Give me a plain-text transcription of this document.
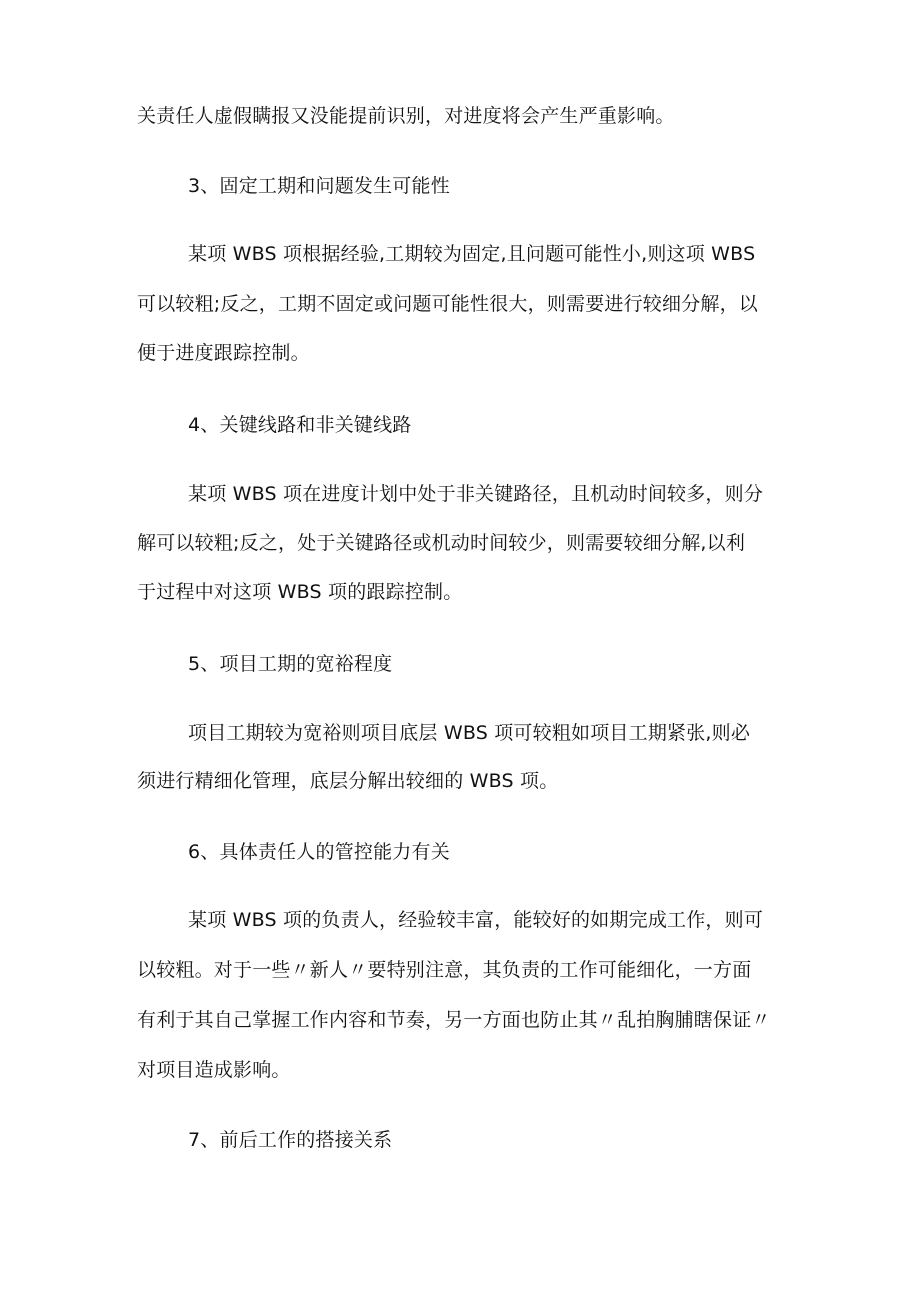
关责任人虚假瞒报又没能提前识别，对进度将会产生严重影响。
3、固定工期和问题发生可能性
某项 WBS 项根据经验,工期较为固定,且问题可能性小,则这项 WBS
可以较粗;反之，工期不固定或问题可能性很大，则需要进行较细分解，以
便于进度跟踪控制。
4、关键线路和非关键线路
某项 WBS 项在进度计划中处于非关键路径，且机动时间较多，则分
解可以较粗;反之，处于关键路径或机动时间较少，则需要较细分解,以利
于过程中对这项 WBS 项的跟踪控制。
5、项目工期的宽裕程度
项目工期较为宽裕则项目底层 WBS 项可较粗如项目工期紧张,则必
须进行精细化管理，底层分解出较细的 WBS 项。
6、具体责任人的管控能力有关
某项 WBS 项的负责人，经验较丰富，能较好的如期完成工作，则可
以较粗。对于一些〃新人〃要特别注意，其负责的工作可能细化，一方面
有利于其自己掌握工作内容和节奏，另一方面也防止其〃乱拍胸脯瞎保证〃
对项目造成影响。
7、前后工作的搭接关系
